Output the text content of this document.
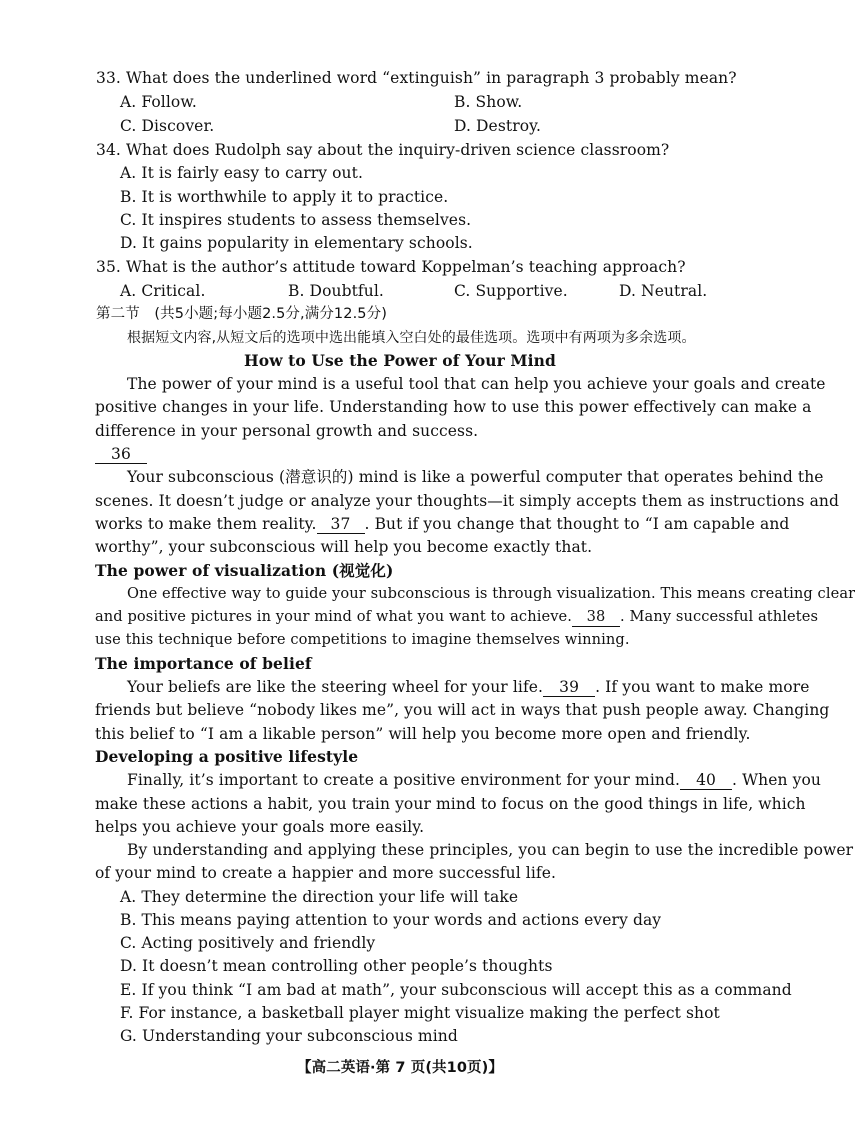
33. What does the underlined word “extinguish” in paragraph 3 probably mean?
A. Follow.	B. Show.
C. Discover.	D. Destroy.
34. What does Rudolph say about the inquiry-driven science classroom?
A. It is fairly easy to carry out.
B. It is worthwhile to apply it to practice.
C. It inspires students to assess themselves.
D. It gains popularity in elementary schools.
35. What is the author’s attitude toward Koppelman’s teaching approach?
A. Critical.	B. Doubtful.	C. Supportive.	D. Neutral.
第二节　(共5小题;每小题2.5分,满分12.5分)
根据短文内容,从短文后的选项中选出能填入空白处的最佳选项。选项中有两项为多余选项。
How to Use the Power of Your Mind
The power of your mind is a useful tool that can help you achieve your goals and create
positive changes in your life. Understanding how to use this power effectively can make a
difference in your personal growth and success.
36
Your subconscious (潜意识的) mind is like a powerful computer that operates behind the
scenes. It doesn’t judge or analyze your thoughts—it simply accepts them as instructions and
works to make them reality. 37 . But if you change that thought to “I am capable and
worthy”, your subconscious will help you become exactly that.
The power of visualization (视觉化)
One effective way to guide your subconscious is through visualization. This means creating clear
and positive pictures in your mind of what you want to achieve.	38 . Many successful athletes
use this technique before competitions to imagine themselves winning.
The importance of belief
Your beliefs are like the steering wheel for your life.	39 . If you want to make more
friends but believe “nobody likes me”, you will act in ways that push people away. Changing
this belief to “I am a likable person” will help you become more open and friendly.
Developing a positive lifestyle
Finally, it’s important to create a positive environment for your mind.	40 . When you
make these actions a habit, you train your mind to focus on the good things in life, which
helps you achieve your goals more easily.
By understanding and applying these principles, you can begin to use the incredible power
of your mind to create a happier and more successful life.
A. They determine the direction your life will take
B. This means paying attention to your words and actions every day
C. Acting positively and friendly
D. It doesn’t mean controlling other people’s thoughts
E. If you think “I am bad at math”, your subconscious will accept this as a command
F. For instance, a basketball player might visualize making the perfect shot
G. Understanding your subconscious mind
【高二英语·第 7 页(共10页)】
